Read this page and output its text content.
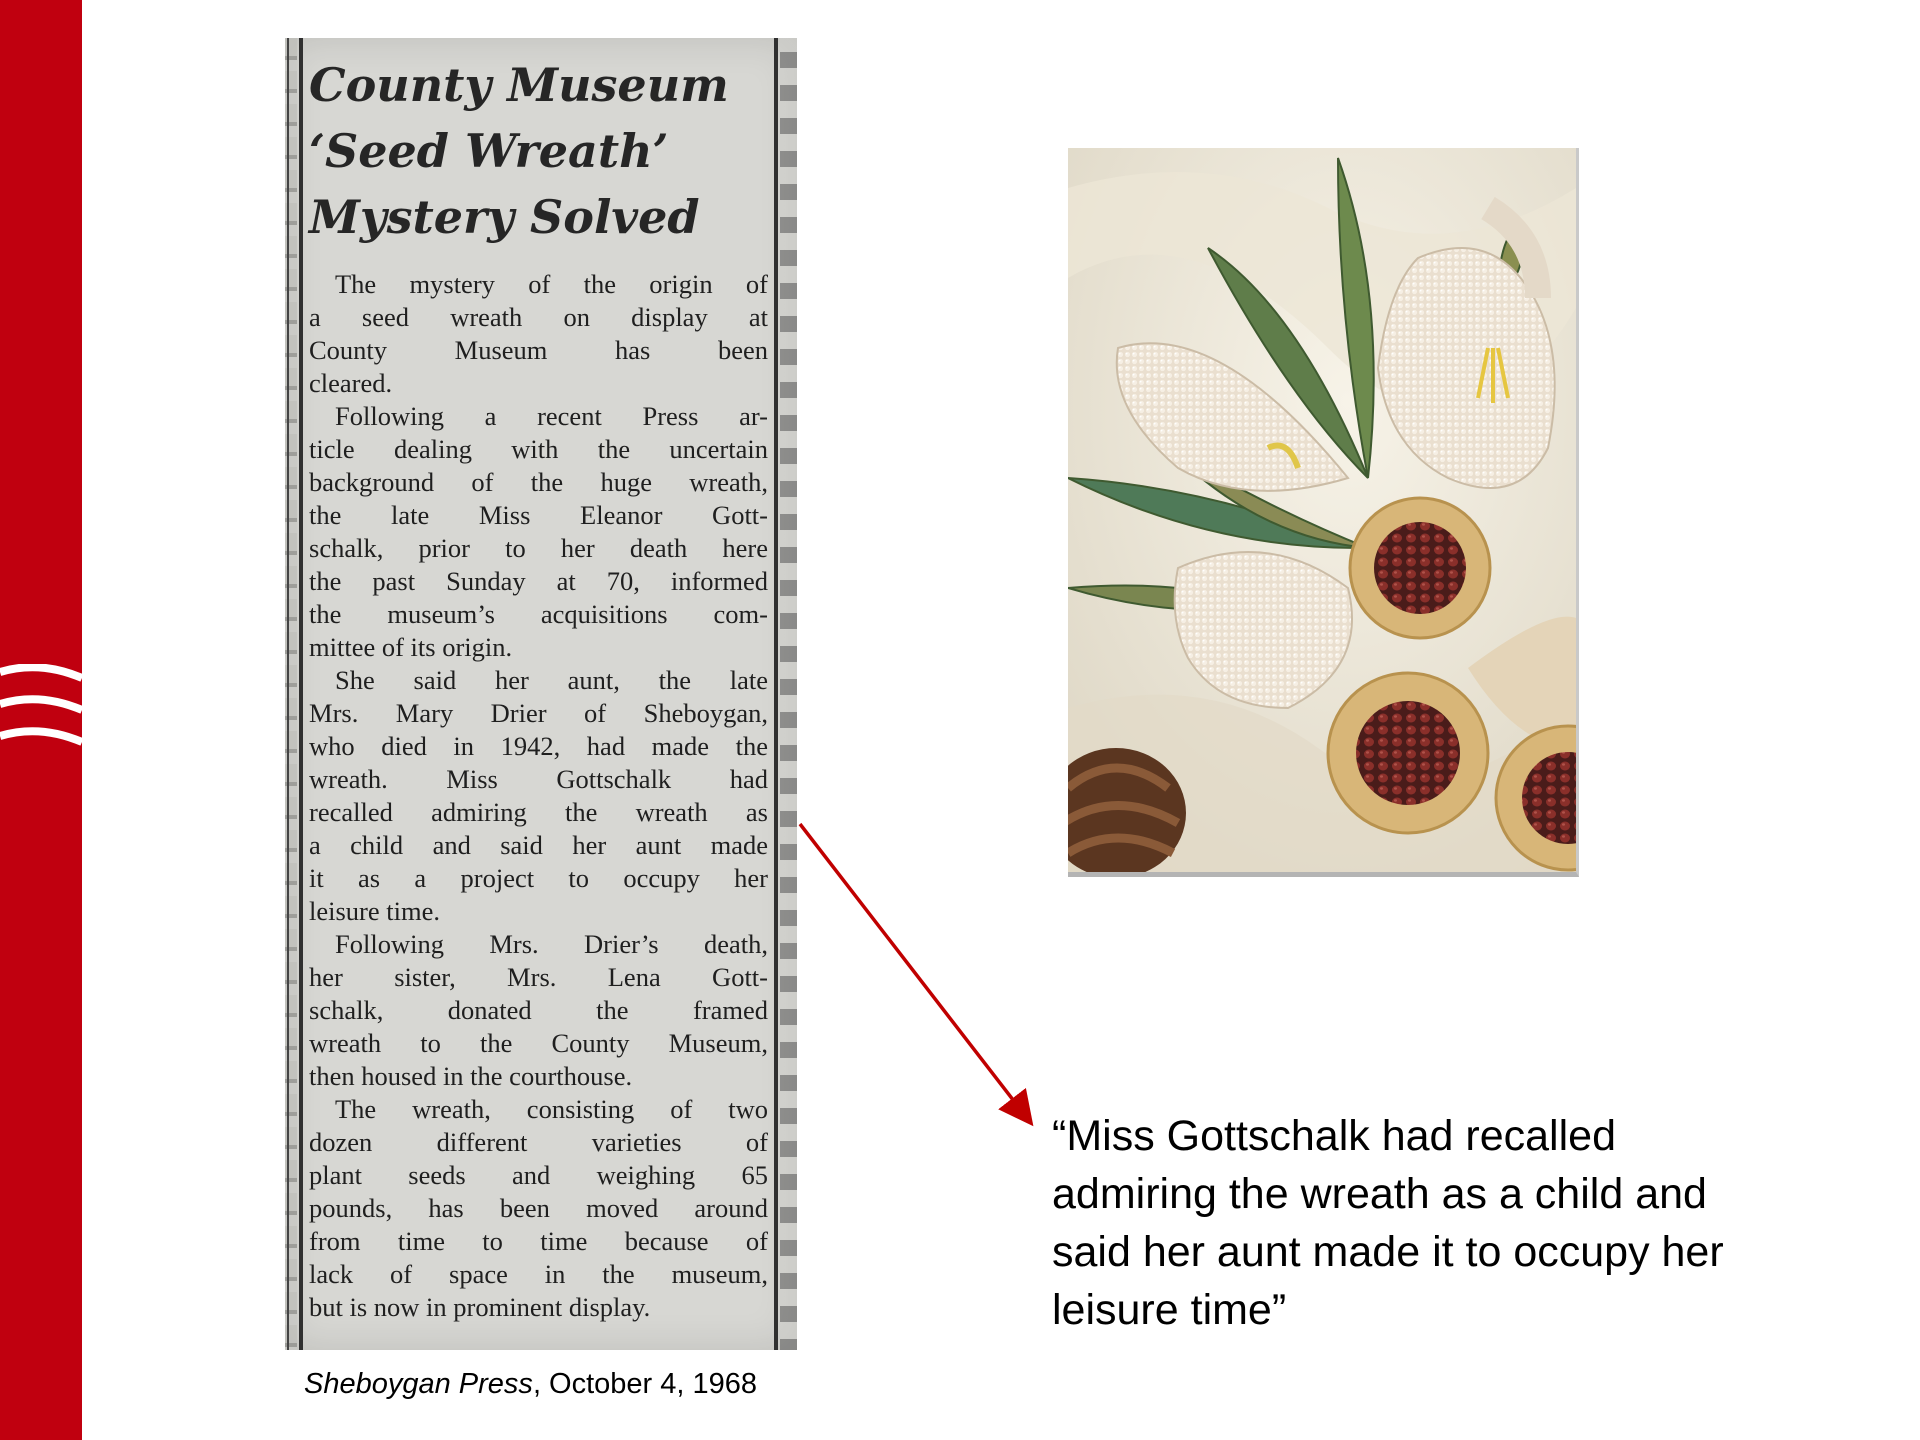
County Museum
‘Seed Wreath’
Mystery Solved
The mystery of the origin of
a seed wreath on display at
County Museum has been
cleared.
Following a recent Press ar-
ticle dealing with the uncertain
background of the huge wreath,
the late Miss Eleanor Gott-
schalk, prior to her death here
the past Sunday at 70, informed
the museum’s acquisitions com-
mittee of its origin.
She said her aunt, the late
Mrs. Mary Drier of Sheboygan,
who died in 1942, had made the
wreath. Miss Gottschalk had
recalled admiring the wreath as
a child and said her aunt made
it as a project to occupy her
leisure time.
Following Mrs. Drier’s death,
her sister, Mrs. Lena Gott-
schalk, donated the framed
wreath to the County Museum,
then housed in the courthouse.
The wreath, consisting of two
dozen different varieties of
plant seeds and weighing 65
pounds, has been moved around
from time to time because of
lack of space in the museum,
but is now in prominent display.
Sheboygan Press, October 4, 1968

“Miss Gottschalk had recalled admiring the wreath as a child and said her aunt made it to occupy her leisure time”
